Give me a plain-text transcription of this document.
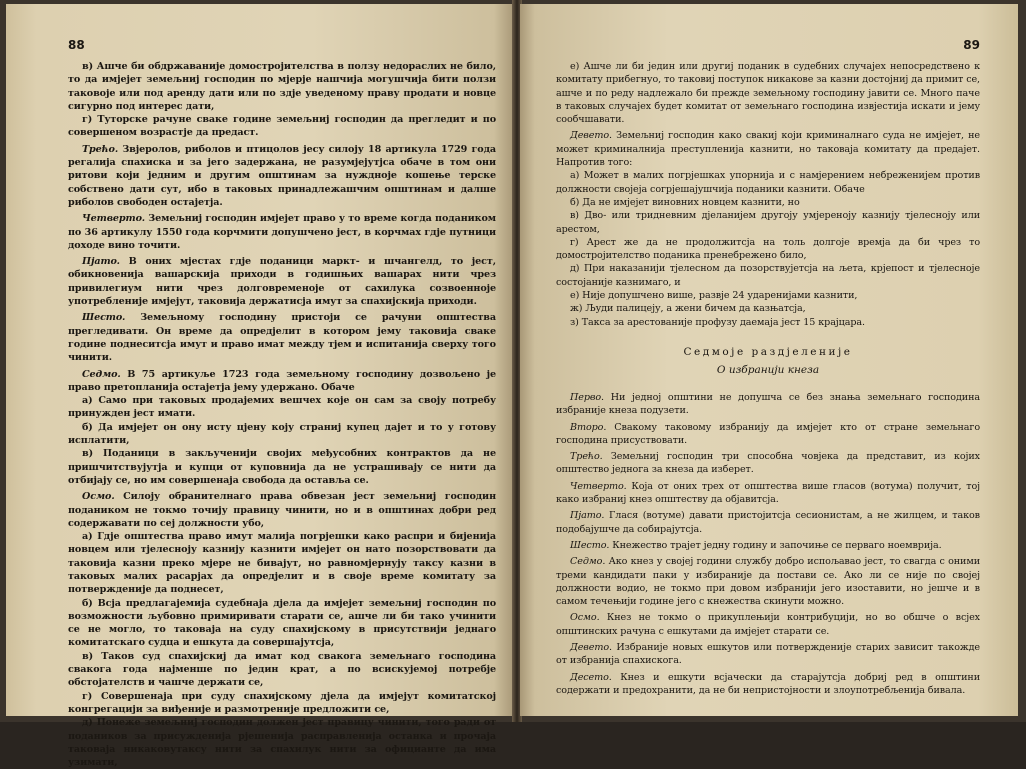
88

в) Ашче би обдржаваније домостројителства в ползу недораслих не било, то да имјејет земељниј господин по мјерје нашчија могушчија бити ползи таковоје или под аренду дати или по здје уведеному праву продати и новце сигурно под интерес дати,

г) Туторске рачуне сваке године земељниј господин да прегледит и по совершеном возрастје да предаст.

Трећо. Звјеролов, риболов и птицолов јесу силоју 18 артикула 1729 года регалија спахиска и за јего задержана, не разумјејутјса обаче в том они ритови који једним и другим општинам за нуждноје кошење терске собствено дати сут, ибо в таковых принадлежашчим општинам и далше риболов свободен остајетја.

Четвертo. Земељниј господин имјејет право у то време когда подаником по 36 артикулу 1550 года корчмити допушчено јест, в корчмах гдје путници доходе вино точити.

Пјатo. В оних мјестах гдје поданици маркт- и шчангелд, то јест, обикновенија вашарскија приходи в годишњих вашарах нити чрез привилегиум нити чрез долговременоје от сахилука созвоенноје употребленије имјејут, таковија держатисја имут за спахијскија приходи.

Шестo. Земељному господину пристоји се рачуни општества прегледивати. Он време да опредјелит в котором јему таковија сваке године поднеситсја имут и право имат между тјем и испитанија сверху того чинити.

Седмо. В 75 артикуље 1723 года земељному господину дозвољено је право претопланија остајетја јему удержано. Обаче

а) Само при таковых продајемих вешчех које он сам за своју потребу принужден јест имати.

б) Да имјејет он ону исту цјену коју страниј купец дајет и то у готову исплатити,

в) Поданици в закљученији својих међусобних контрактов да не пришчитствујутја и купци от куповнија да не устрашивају се нити да отбијају се, но им совершенаја свобода да оставља се.

Осмо. Силоју обранителнаго права обвезан јест земељниј господин подаником не токмо точију правицу чинити, но и в општинах добри ред содержавати по сеј должности убо,

а) Гдје општества право имут малија погрјешки како распри и бијенија новцем или тјелесноју казниjу казнити имјејет он нато позорствовати да таковија казни преко мјере не бивајут, но равномјернују таксу казни в таковых малих расарјах да опредјелит и в своје време комитату за потвержденије да поднесет,

б) Вcја предлагајемија судебнаја дјела да имјејет земељниј господин по возможности љубовно примиривати старати се, ашче ли би тако учинити се не могло, то таковаја на суду спахијскому в присутствији једнаго комитатскаго судца и ешкута да совершајутсја,

в) Таков суд спахијскиј да имат код свакога земељнаго господина свакога года најменше по једин крат, а по всискујемој потребје обстојателств и чашче держати се,

г) Совершенаја при суду спахијскому дјела да имјејут комитатској конгрегацији за виђеније и размотреније предложити се,

д) Понеже земељниј господин должен јест правицу чинити, того ради от подаников за присуждениjа рјешенија расправленија останка и прочаја таковаја никаковутаксу нити за спахилук нити за официанте да има узимати,

89

е) Ашче ли би једин или другиј поданик в судебних случајех непосредствено к комитату прибегнуо, то таковиј поступок никакове за казни достојниј да примит се, ашче и по реду надлежало би прежде земељному господину јавити се. Много паче в таковых случајех будет комитат от земељнаго господина извјестија искати и јему сообчшавати.

Девето. Земељниј господин како свакиј који криминалнаго суда не имјејет, не может криминалнија преступленија казнити, но таковаја комитату да предајет. Напротив того:

а) Может в малих погрјешках упорнија и с намјерением небреженијем против должности својеја согрјешајушчија поданики казнити. Обаче

б) Да не имјејет виновних новцем казнити, но

в) Дво- или тридневним дјеланијем другоју умјереноју казниjу тјелесноју или арестом,

г) Арест же да не продолжитсја на толь долгоје времја да би чрез то домостројителство поданика пренебрежено било,

д) При наказанији тјелесном да позорствујетсја на љета, крјепост и тјелесноје состојаније казнимаго, и

е) Није допушчено више, развје 24 ударенијами казнити,

ж) Људи палицеју, а жени бичем да казњатсја,

з) Такса за арестованије профузу даемаја јест 15 крајцара.

Седмоје раздјеленије
О избранији кнеза

Перво. Ни једној општини не допушча се без знања земељнаго господина избраније кнеза подузети.

Второ. Свакому таковому избранију да имјејет кто от стране земељнаго господина присуствовати.

Трећо. Земељниј господин три способна човјека да представит, из којих општество једнога за кнеза да изберет.

Четверто. Која от оних трех от општества више гласов (вотума) получит, тој како избраниј кнез општеству да објавитсја.

Пјато. Глася (вотуме) давати пристојитсја сесионистам, а не жилцем, и таков подобајушче да собирајутсја.

Шесто. Кнежество трајет једну годину и започиње се перваго ноемврија.

Седмо. Ако кнез у својеј години службу добро испољавао јест, то свагда с оними треми кандидати паки у избираније да постави се. Ако ли се није по својеј должности водио, не токмо при довом избранији јего изоставити, но јешче и в самом течењији године јего с кнежества скинути можно.

Осмо. Кнез не токмо о прикуплењији контрибуцији, но во обшче о всјех општинских рачуна с ешкутами да имјејет старати се.

Девето. Избраније новых ешкутов или потвержденије старих зависит такожде от избранија спахискога.

Десето. Кнез и ешкути всјачески да старајутсја добриј ред в општини содержати и предохранити, да не би непристојности и злоупотребљенија бивала.
